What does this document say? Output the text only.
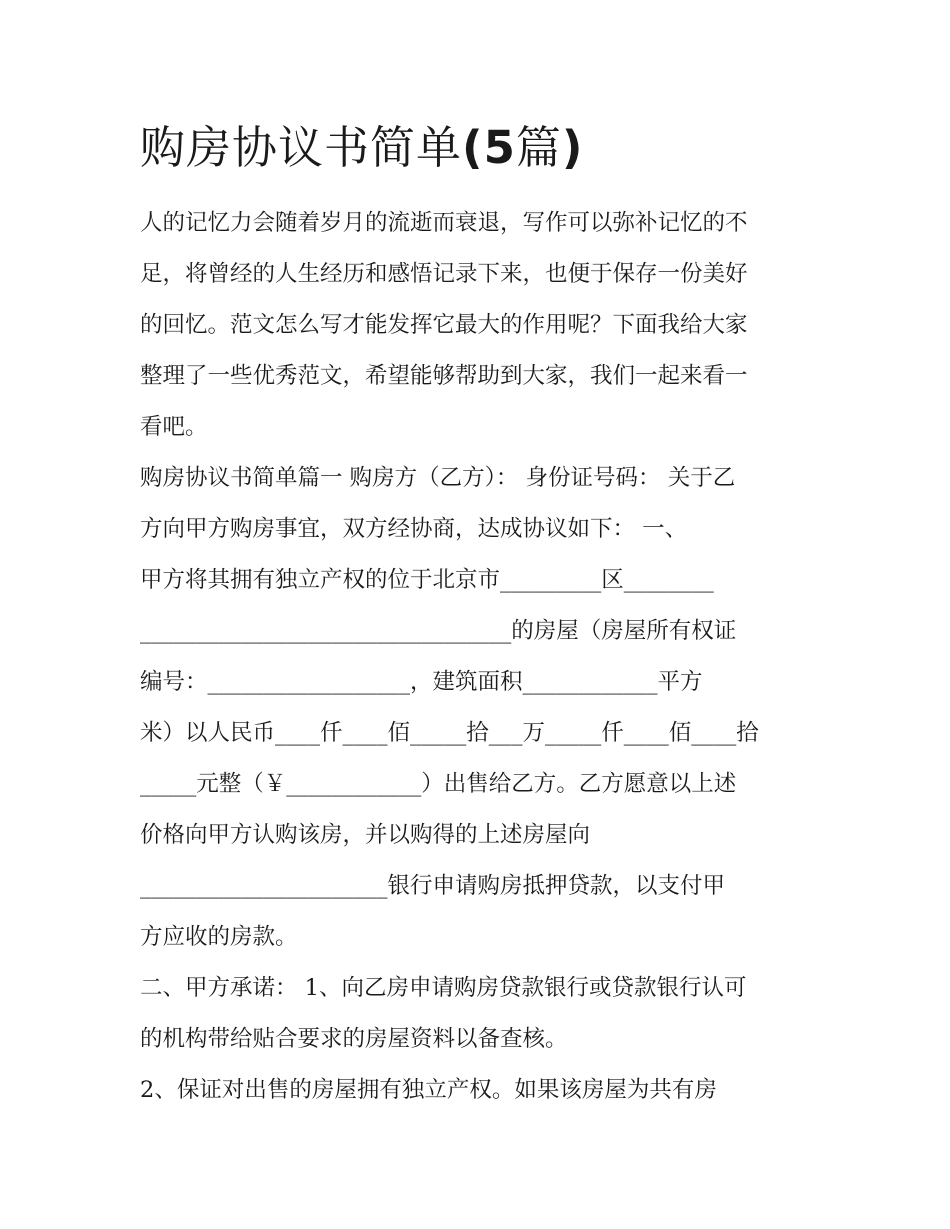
购房协议书简单(5篇)
人的记忆力会随着岁月的流逝而衰退，写作可以弥补记忆的不
足，将曾经的人生经历和感悟记录下来，也便于保存一份美好
的回忆。范文怎么写才能发挥它最大的作用呢？下面我给大家
整理了一些优秀范文，希望能够帮助到大家，我们一起来看一
看吧。
购房协议书简单篇一 购房方（乙方）： 身份证号码： 关于乙
方向甲方购房事宜，双方经协商，达成协议如下： 一、
甲方将其拥有独立产权的位于北京市_________区________
_________________________________的房屋（房屋所有权证
编号：__________________，建筑面积____________平方
米）以人民币____仟____佰_____拾___万_____仟____佰____拾
_____元整（￥____________）出售给乙方。乙方愿意以上述
价格向甲方认购该房，并以购得的上述房屋向
______________________银行申请购房抵押贷款，以支付甲
方应收的房款。
二、甲方承诺： 1、向乙房申请购房贷款银行或贷款银行认可
的机构带给贴合要求的房屋资料以备查核。
2、保证对出售的房屋拥有独立产权。如果该房屋为共有房
